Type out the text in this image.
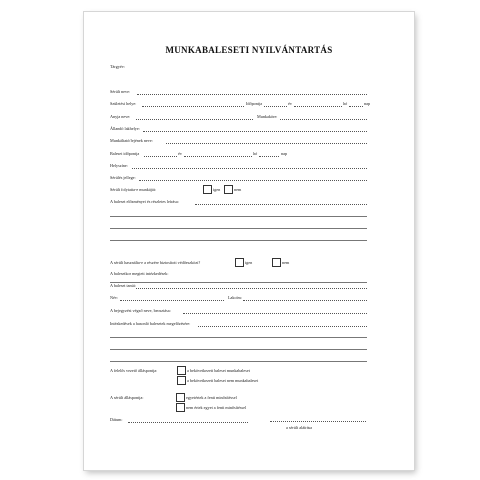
MUNKABALESETI NYILVÁNTARTÁS
Tárgyév:
Sérült neve:
Születési helye:	Időpontja	év	hó	nap
Anyja neve:	Munkaköre:
Állandó lakhelye:
Munkáltató/fejének neve:
Baleset időpontja	év	hó	nap
Helyszíne:
Sérülés jellege:
Sérült folytatta-e munkáját:	igen	nem
A baleset előzményei és részletes leírása:
A sérült használta-e a részére biztosított védőeszközt?	igen	nem
A balesetkor megtett intézkedések:
A baleset tanúi:
Név:	Lakcím:
A bejegyzést végző neve, beosztása:
Intézkedések a hasonló balesetek megelőzésére:
A felelős vezető álláspontja:	a bekövetkezett baleset munkabaleset
a bekövetkezett baleset nem munkabaleset
A sérült álláspontja:	egyetértek a fenti minősítéssel
nem értek egyet a fenti minősítéssel
Dátum:
a sérült aláírása
